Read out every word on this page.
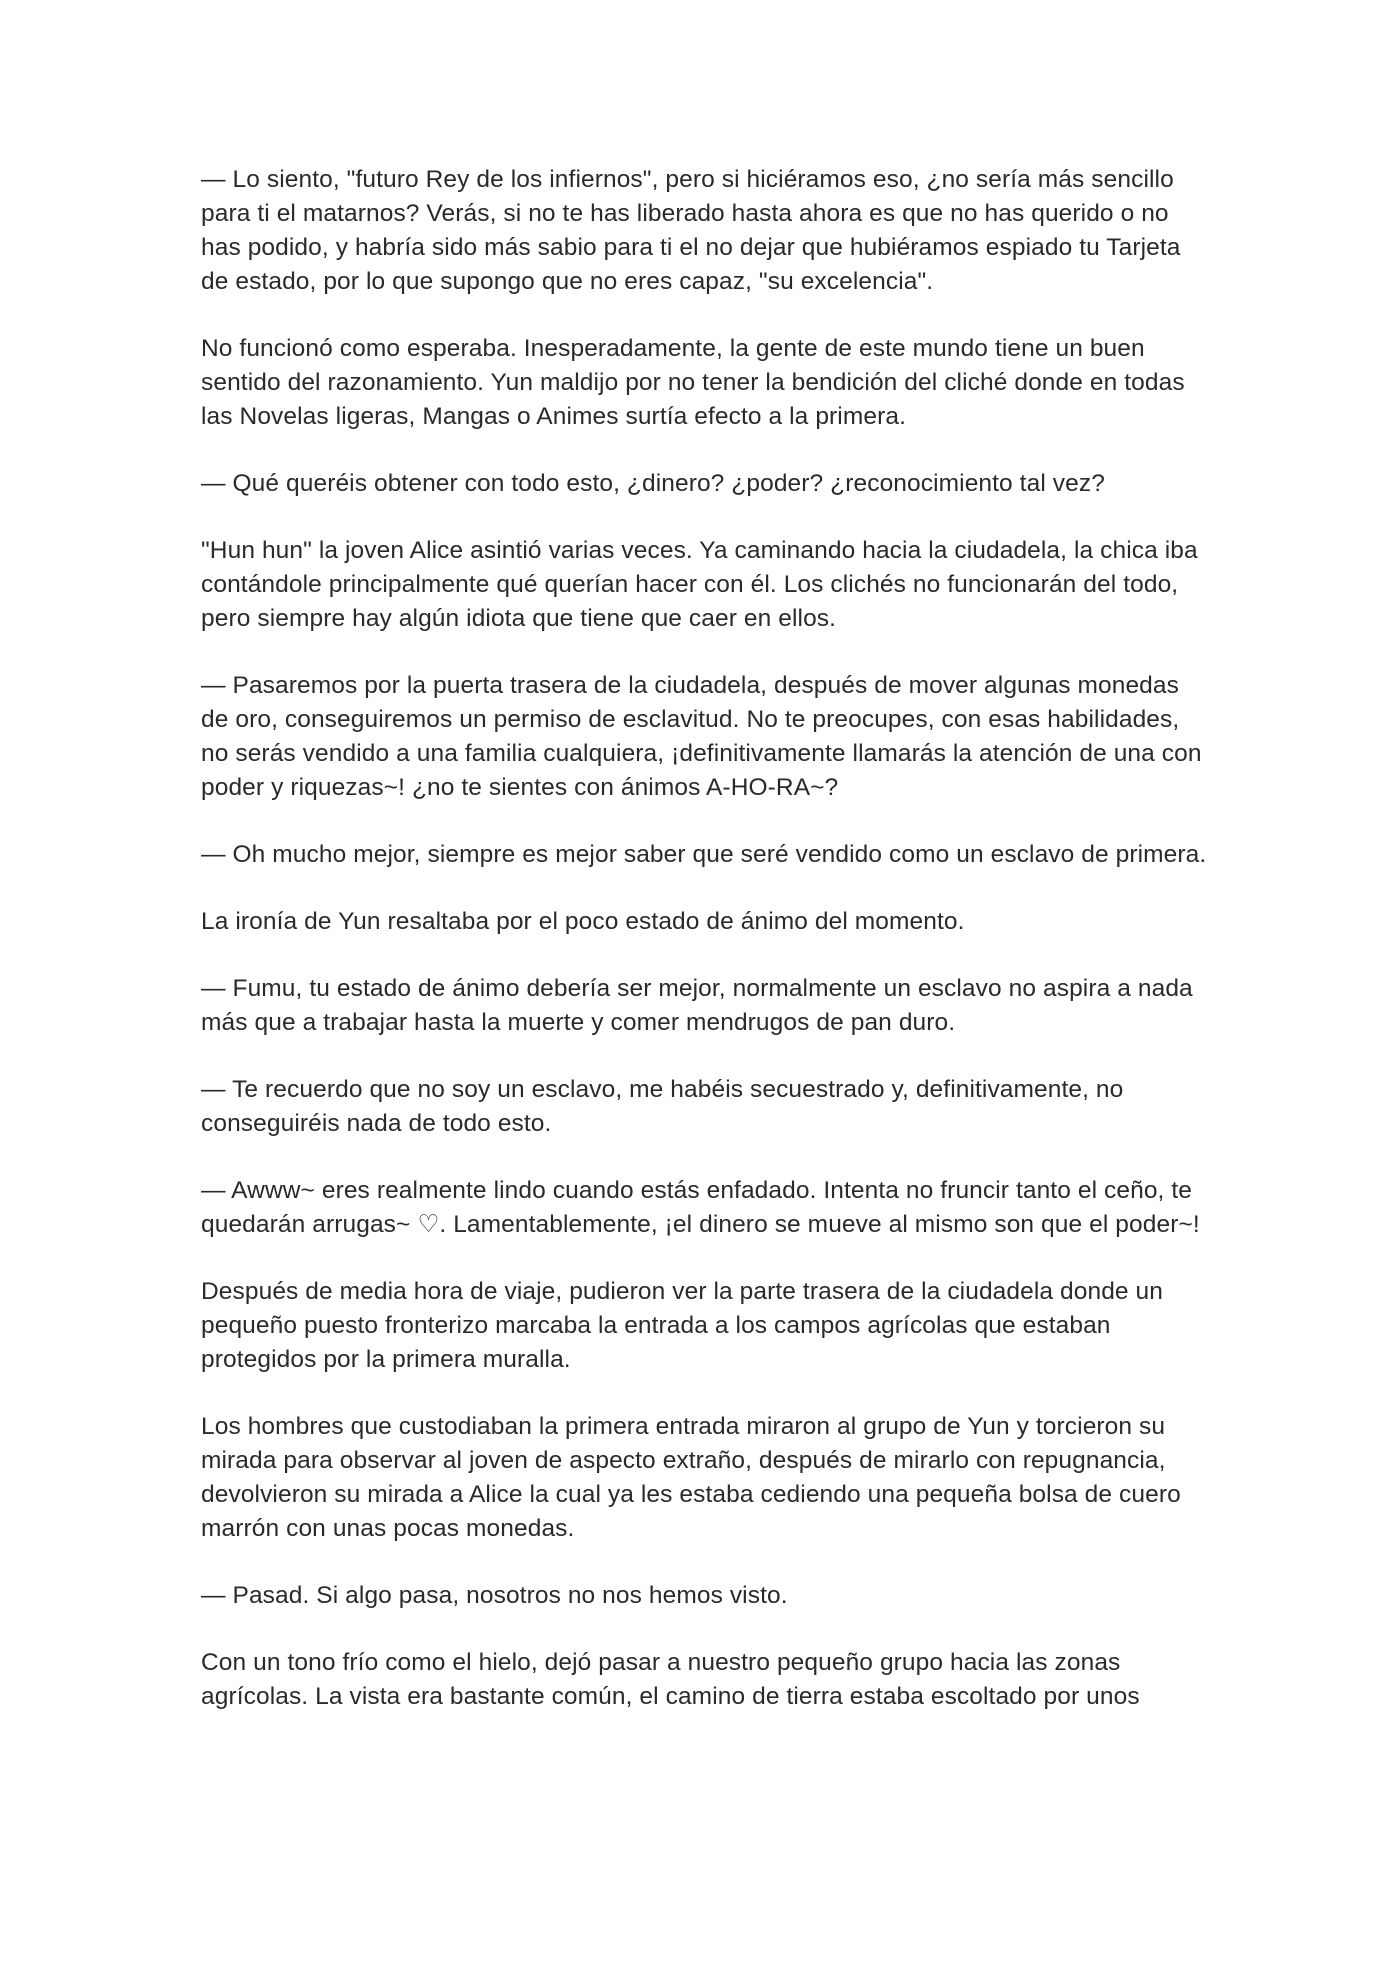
— Lo siento, "futuro Rey de los infiernos", pero si hiciéramos eso, ¿no sería más sencillo para ti el matarnos? Verás, si no te has liberado hasta ahora es que no has querido o no has podido, y habría sido más sabio para ti el no dejar que hubiéramos espiado tu Tarjeta de estado, por lo que supongo que no eres capaz, "su excelencia".

No funcionó como esperaba. Inesperadamente, la gente de este mundo tiene un buen sentido del razonamiento. Yun maldijo por no tener la bendición del cliché donde en todas las Novelas ligeras, Mangas o Animes surtía efecto a la primera.

— Qué queréis obtener con todo esto, ¿dinero? ¿poder? ¿reconocimiento tal vez?

"Hun hun" la joven Alice asintió varias veces. Ya caminando hacia la ciudadela, la chica iba contándole principalmente qué querían hacer con él. Los clichés no funcionarán del todo, pero siempre hay algún idiota que tiene que caer en ellos.

— Pasaremos por la puerta trasera de la ciudadela, después de mover algunas monedas de oro, conseguiremos un permiso de esclavitud. No te preocupes, con esas habilidades, no serás vendido a una familia cualquiera, ¡definitivamente llamarás la atención de una con poder y riquezas~! ¿no te sientes con ánimos A-HO-RA~?

— Oh mucho mejor, siempre es mejor saber que seré vendido como un esclavo de primera.

La ironía de Yun resaltaba por el poco estado de ánimo del momento.

— Fumu, tu estado de ánimo debería ser mejor, normalmente un esclavo no aspira a nada más que a trabajar hasta la muerte y comer mendrugos de pan duro.

— Te recuerdo que no soy un esclavo, me habéis secuestrado y, definitivamente, no conseguiréis nada de todo esto.

— Awww~ eres realmente lindo cuando estás enfadado. Intenta no fruncir tanto el ceño, te quedarán arrugas~ ♡. Lamentablemente, ¡el dinero se mueve al mismo son que el poder~!

Después de media hora de viaje, pudieron ver la parte trasera de la ciudadela donde un pequeño puesto fronterizo marcaba la entrada a los campos agrícolas que estaban protegidos por la primera muralla.

Los hombres que custodiaban la primera entrada miraron al grupo de Yun y torcieron su mirada para observar al joven de aspecto extraño, después de mirarlo con repugnancia, devolvieron su mirada a Alice la cual ya les estaba cediendo una pequeña bolsa de cuero marrón con unas pocas monedas.

— Pasad. Si algo pasa, nosotros no nos hemos visto.

Con un tono frío como el hielo, dejó pasar a nuestro pequeño grupo hacia las zonas agrícolas. La vista era bastante común, el camino de tierra estaba escoltado por unos
